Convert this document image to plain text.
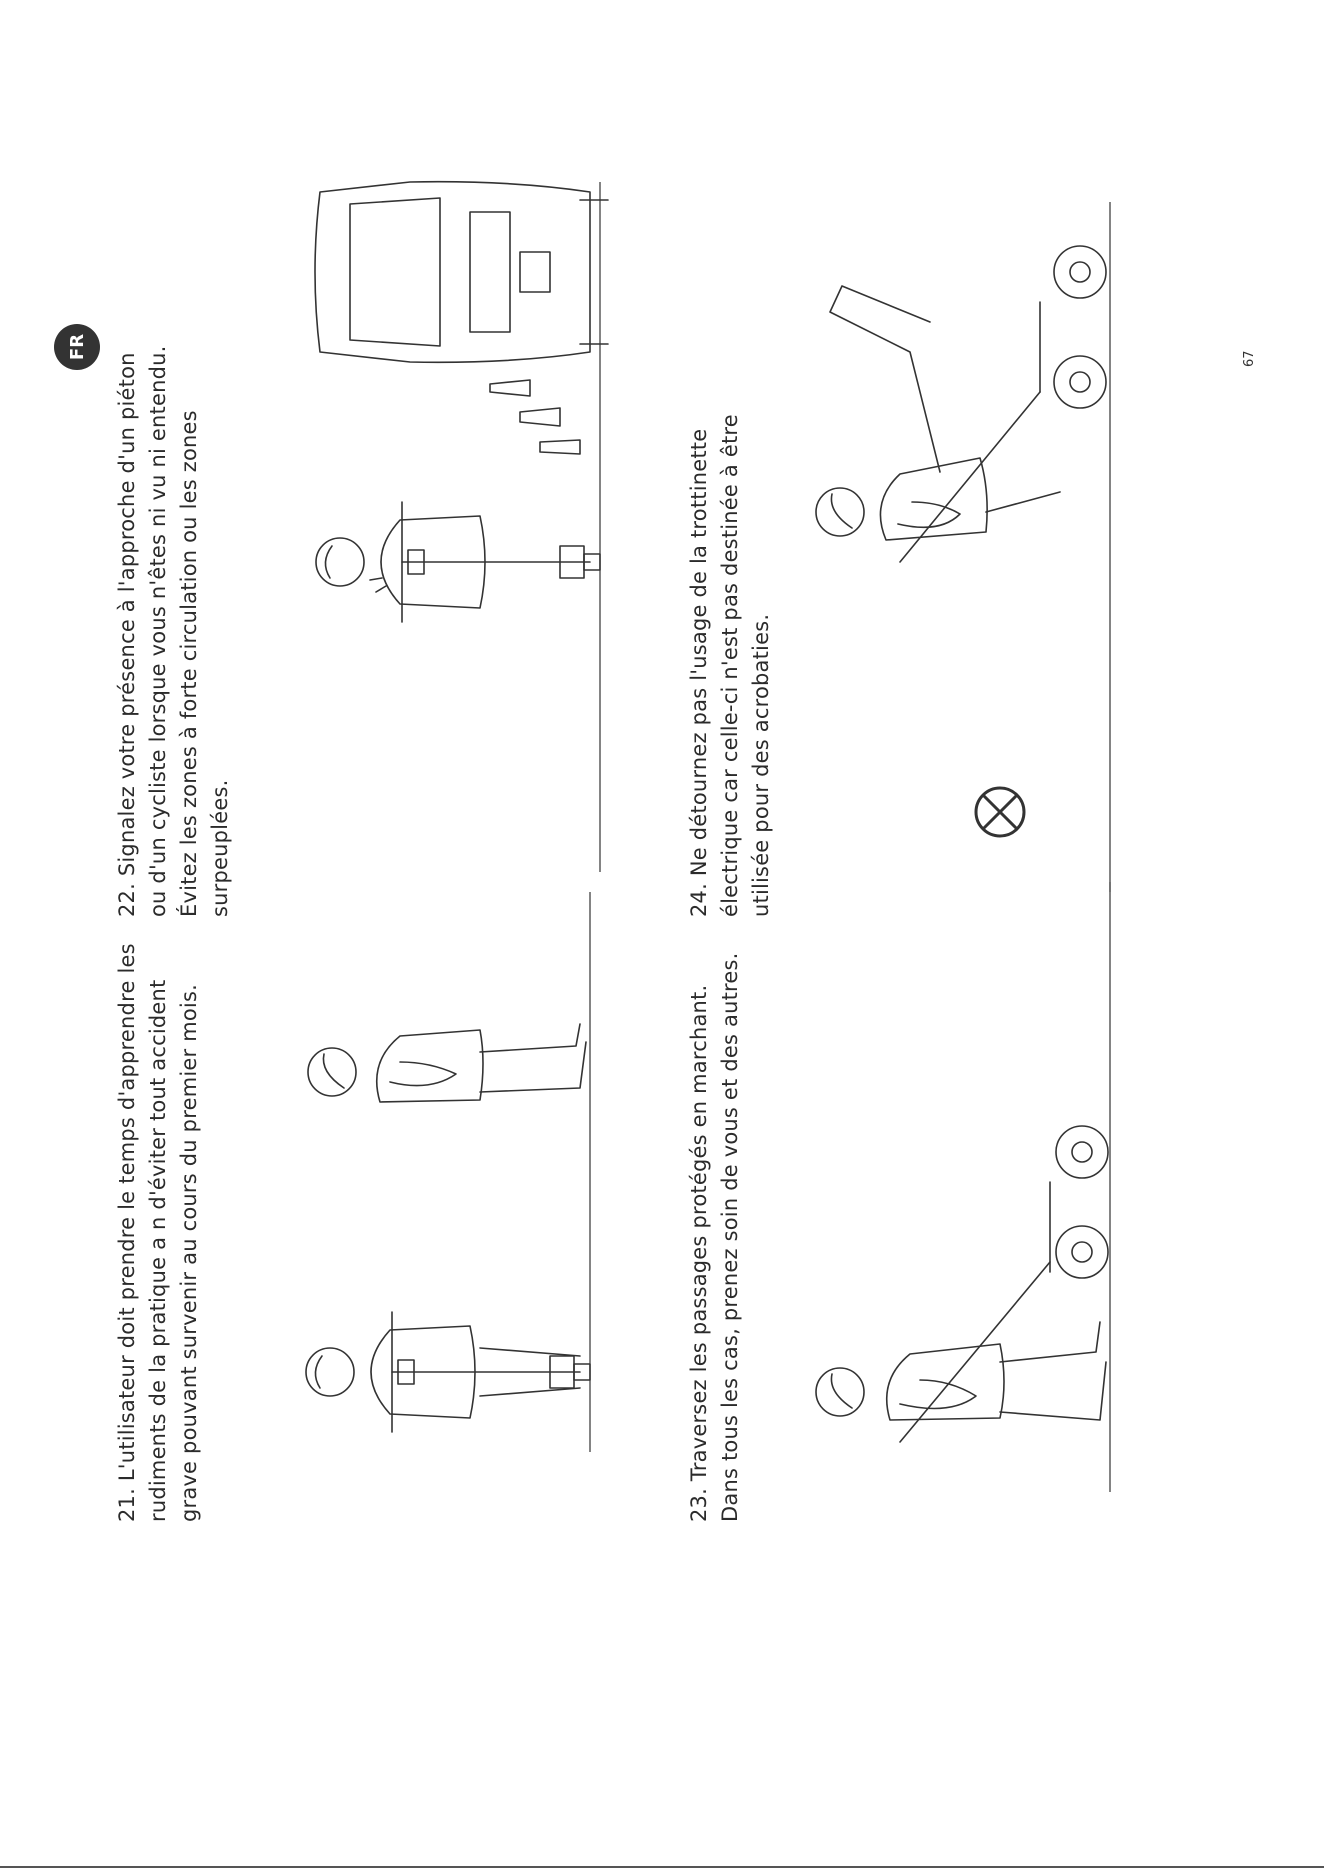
FR	67

21. L'utilisateur doit prendre le temps d'apprendre les rudiments de la pratique a n d'éviter tout accident grave pouvant survenir au cours du premier mois.

22. Signalez votre présence à l'approche d'un piéton ou d'un cycliste lorsque vous n'êtes ni vu ni entendu. Évitez les zones à forte circulation ou les zones surpeuplées.

23. Traversez les passages protégés en marchant. Dans tous les cas, prenez soin de vous et des autres.

24. Ne détournez pas l'usage de la trottinette électrique car celle-ci n'est pas destinée à être utilisée pour des acrobaties.
